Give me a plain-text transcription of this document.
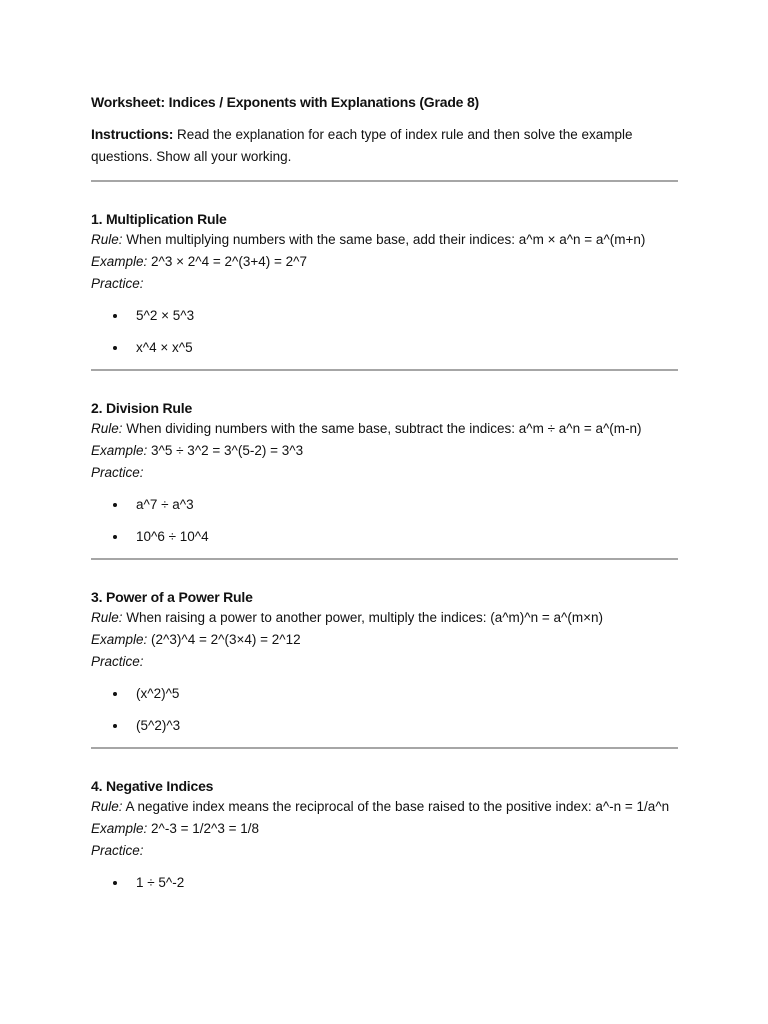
Worksheet: Indices / Exponents with Explanations (Grade 8)

Instructions: Read the explanation for each type of index rule and then solve the example questions. Show all your working.

1. Multiplication Rule

Rule: When multiplying numbers with the same base, add their indices: a^m × a^n = a^(m+n)

Example: 2^3 × 2^4 = 2^(3+4) = 2^7

Practice:

5^2 × 5^3
x^4 × x^5
2. Division Rule

Rule: When dividing numbers with the same base, subtract the indices: a^m ÷ a^n = a^(m-n)

Example: 3^5 ÷ 3^2 = 3^(5-2) = 3^3

Practice:

a^7 ÷ a^3
10^6 ÷ 10^4
3. Power of a Power Rule

Rule: When raising a power to another power, multiply the indices: (a^m)^n = a^(m×n)

Example: (2^3)^4 = 2^(3×4) = 2^12

Practice:

(x^2)^5
(5^2)^3
4. Negative Indices

Rule: A negative index means the reciprocal of the base raised to the positive index: a^-n = 1/a^n

Example: 2^-3 = 1/2^3 = 1/8

Practice:

1 ÷ 5^-2
